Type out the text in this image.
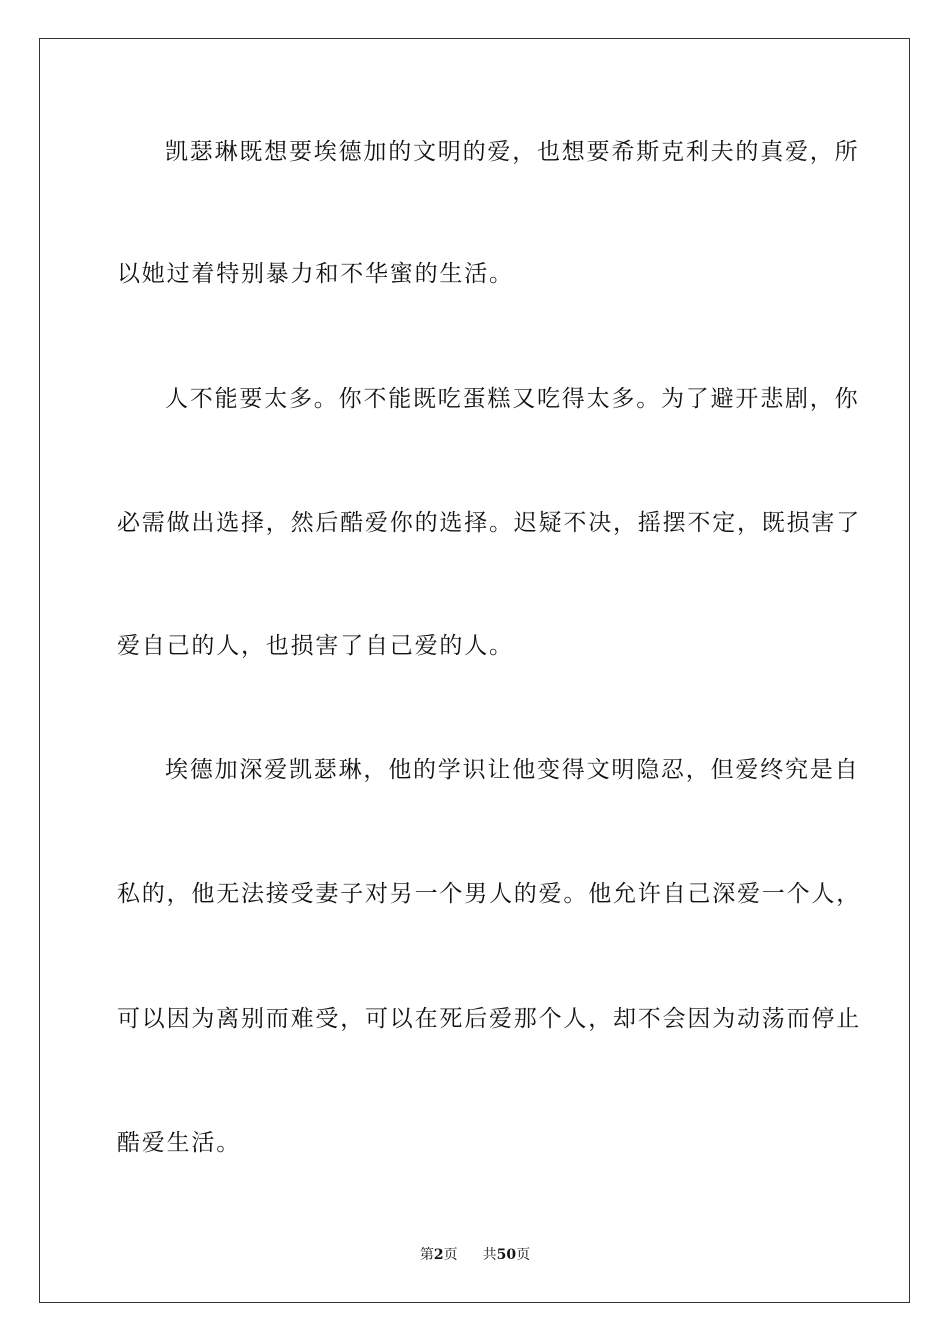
凯瑟琳既想要埃德加的文明的爱，也想要希斯克利夫的真爱，所
以她过着特别暴力和不华蜜的生活。
人不能要太多。你不能既吃蛋糕又吃得太多。为了避开悲剧，你
必需做出选择，然后酷爱你的选择。迟疑不决，摇摆不定，既损害了
爱自己的人，也损害了自己爱的人。
埃德加深爱凯瑟琳，他的学识让他变得文明隐忍，但爱终究是自
私的，他无法接受妻子对另一个男人的爱。他允许自己深爱一个人，
可以因为离别而难受，可以在死后爱那个人，却不会因为动荡而停止
酷爱生活。
第2页 共50页
